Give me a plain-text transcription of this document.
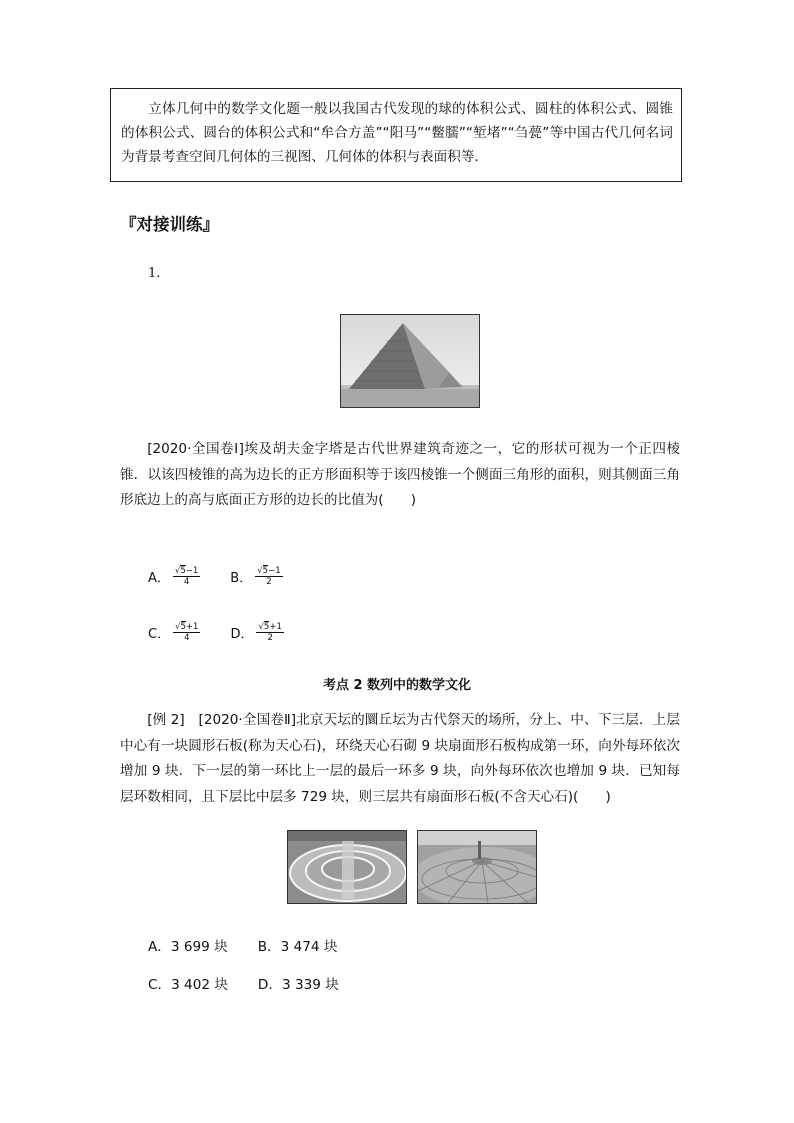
立体几何中的数学文化题一般以我国古代发现的球的体积公式、圆柱的体积公式、圆锥的体积公式、圆台的体积公式和“牟合方盖”“阳马”“鳖臑”“堑堵”“刍甍”等中国古代几何名词为背景考查空间几何体的三视图、几何体的体积与表面积等．

『对接训练』
1.

[2020·全国卷Ⅰ]埃及胡夫金字塔是古代世界建筑奇迹之一，它的形状可视为一个正四棱锥．以该四棱锥的高为边长的正方形面积等于该四棱锥一个侧面三角形的面积，则其侧面三角形底边上的高与底面正方形的边长的比值为(　　)

A． $\frac{√5-1}{4}$ B． $\frac{√5-1}{2}$
C． $\frac{√5+1}{4}$ D． $\frac{√5+1}{2}$
考点 2 数列中的数学文化

[例 2]　[2020·全国卷Ⅱ]北京天坛的圜丘坛为古代祭天的场所，分上、中、下三层．上层中心有一块圆形石板(称为天心石)，环绕天心石砌 9 块扇面形石板构成第一环，向外每环依次增加 9 块．下一层的第一环比上一层的最后一环多 9 块，向外每环依次也增加 9 块．已知每层环数相同，且下层比中层多 729 块，则三层共有扇面形石板(不含天心石)(　　)

A．3 699 块 B．3 474 块
C．3 402 块 D．3 339 块
